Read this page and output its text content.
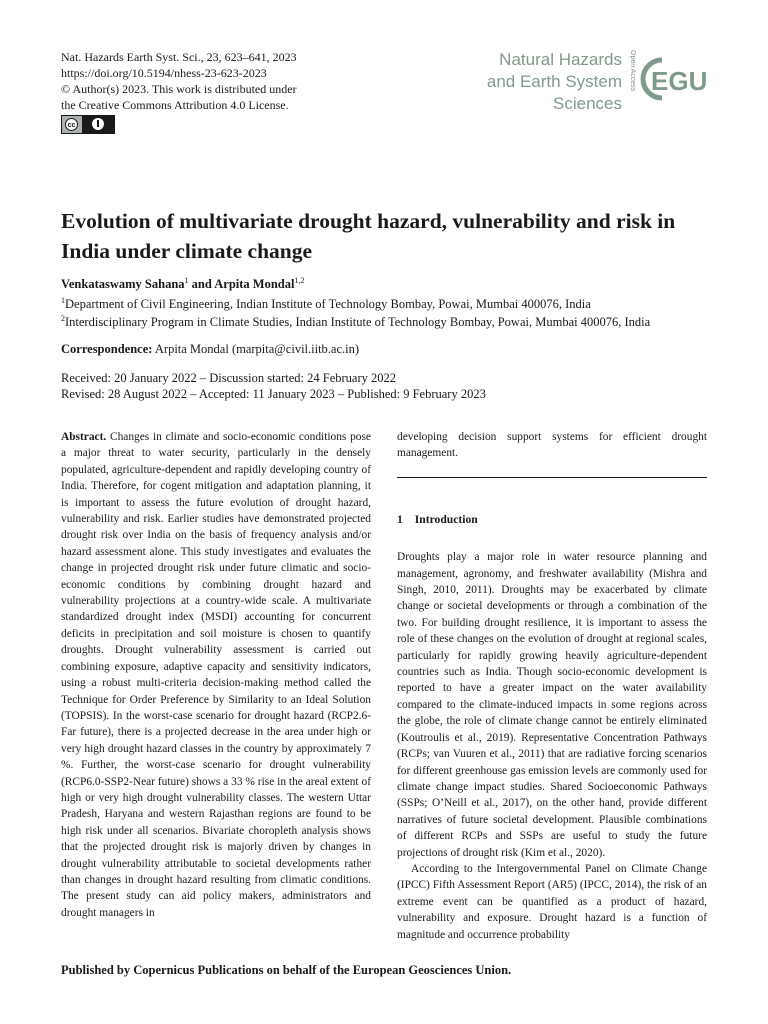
Nat. Hazards Earth Syst. Sci., 23, 623–641, 2023
https://doi.org/10.5194/nhess-23-623-2023
© Author(s) 2023. This work is distributed under
the Creative Commons Attribution 4.0 License.
cc
Natural Hazards
and Earth System
Sciences
Open Access EGU
Evolution of multivariate drought hazard, vulnerability and risk in India under climate change
Venkataswamy Sahana$^1$ and Arpita Mondal$^{1,2}$
$^1$Department of Civil Engineering, Indian Institute of Technology Bombay, Powai, Mumbai 400076, India
$^2$Interdisciplinary Program in Climate Studies, Indian Institute of Technology Bombay, Powai, Mumbai 400076, India
Correspondence: Arpita Mondal (marpita@civil.iitb.ac.in)
Received: 20 January 2022 – Discussion started: 24 February 2022
Revised: 28 August 2022 – Accepted: 11 January 2023 – Published: 9 February 2023

Abstract. Changes in climate and socio-economic conditions pose a major threat to water security, particularly in the densely populated, agriculture-dependent and rapidly developing country of India. Therefore, for cogent mitigation and adaptation planning, it is important to assess the future evolution of drought hazard, vulnerability and risk. Earlier studies have demonstrated projected drought risk over India on the basis of frequency analysis and/or hazard assessment alone. This study investigates and evaluates the change in projected drought risk under future climatic and socio-economic conditions by combining drought hazard and vulnerability projections at a country-wide scale. A multivariate standardized drought index (MSDI) accounting for concurrent deficits in precipitation and soil moisture is chosen to quantify droughts. Drought vulnerability assessment is carried out combining exposure, adaptive capacity and sensitivity indicators, using a robust multi-criteria decision-making method called the Technique for Order Preference by Similarity to an Ideal Solution (TOPSIS). In the worst-case scenario for drought hazard (RCP2.6-Far future), there is a projected decrease in the area under high or very high drought hazard classes in the country by approximately 7 %. Further, the worst-case scenario for drought vulnerability (RCP6.0-SSP2-Near future) shows a 33 % rise in the areal extent of high or very high drought vulnerability classes. The western Uttar Pradesh, Haryana and western Rajasthan regions are found to be high risk under all scenarios. Bivariate choropleth analysis shows that the projected drought risk is majorly driven by changes in drought vulnerability attributable to societal developments rather than changes in drought hazard resulting from climatic conditions. The present study can aid policy makers, administrators and drought managers in

developing decision support systems for efficient drought management.

1 Introduction

Droughts play a major role in water resource planning and management, agronomy, and freshwater availability (Mishra and Singh, 2010, 2011). Droughts may be exacerbated by climate change or societal developments or through a combination of the two. For building drought resilience, it is important to assess the role of these changes on the evolution of drought at regional scales, particularly for rapidly growing heavily agriculture-dependent countries such as India. Though socio-economic development is reported to have a greater impact on the water availability compared to the climate-induced impacts in some regions across the globe, the role of climate change cannot be entirely eliminated (Koutroulis et al., 2019). Representative Concentration Pathways (RCPs; van Vuuren et al., 2011) that are radiative forcing scenarios for different greenhouse gas emission levels are commonly used for climate change impact studies. Shared Socioeconomic Pathways (SSPs; O’Neill et al., 2017), on the other hand, provide different narratives of future societal development. Plausible combinations of different RCPs and SSPs are useful to study the future projections of drought risk (Kim et al., 2020).

According to the Intergovernmental Panel on Climate Change (IPCC) Fifth Assessment Report (AR5) (IPCC, 2014), the risk of an extreme event can be quantified as a product of hazard, vulnerability and exposure. Drought hazard is a function of magnitude and occurrence probability

Published by Copernicus Publications on behalf of the European Geosciences Union.
